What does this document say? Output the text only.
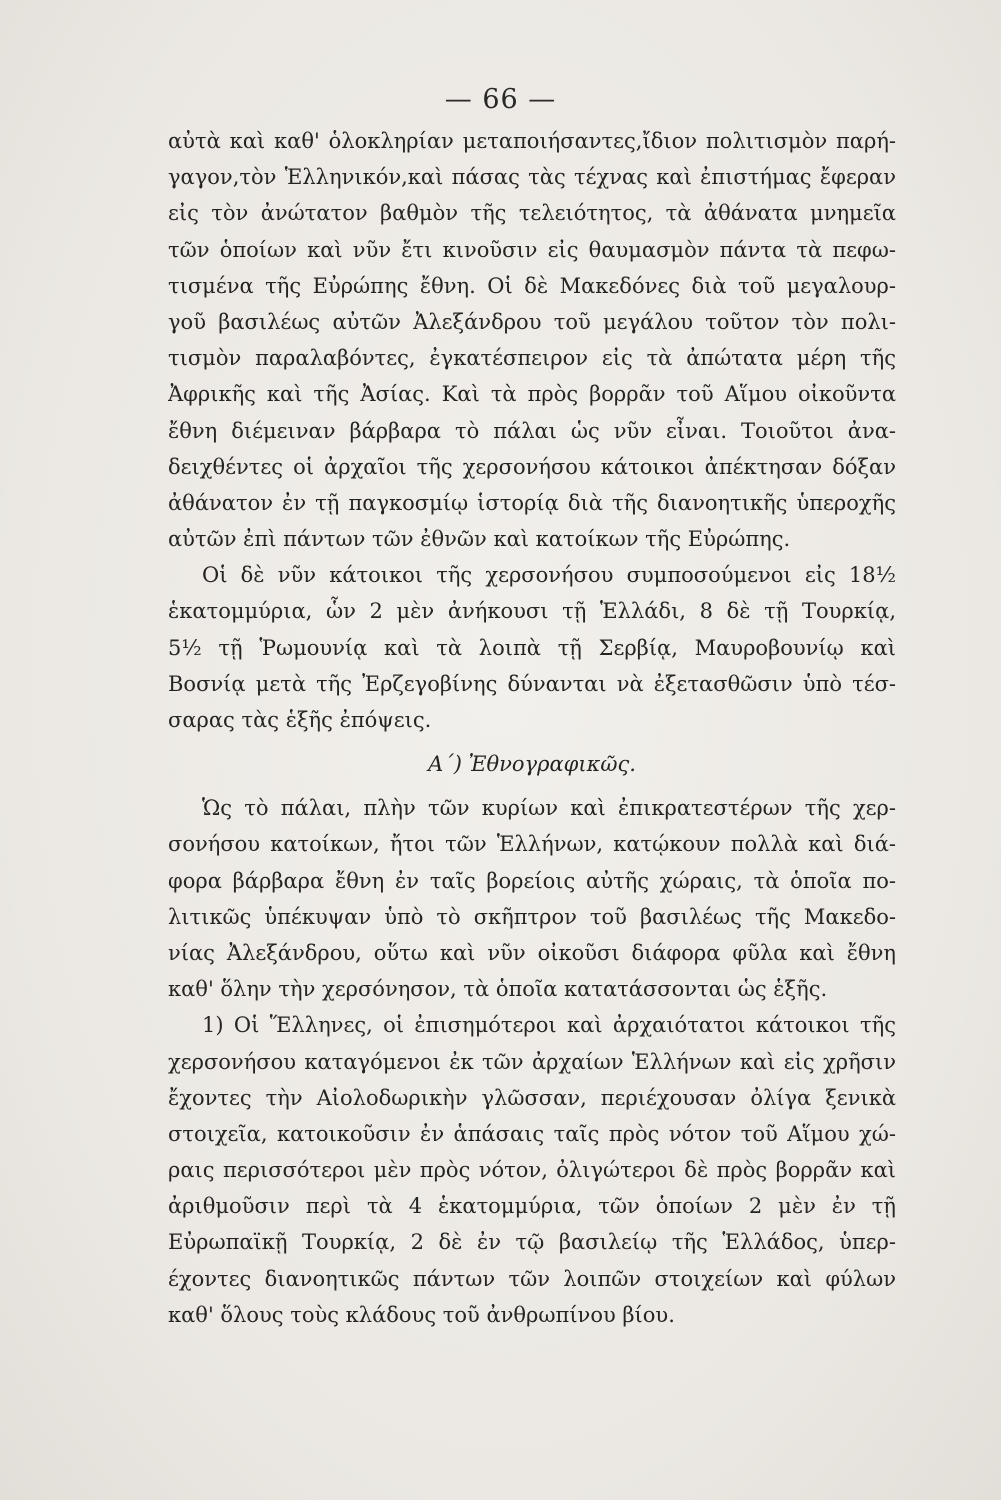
— 66 —
αὐτὰ καὶ καθ' ὁλοκληρίαν μεταποιήσαντες,ἴδιον πολιτισμὸν παρή-
γαγον,τὸν Ἑλληνικόν,καὶ πάσας τὰς τέχνας καὶ ἐπιστήμας ἔφεραν
εἰς τὸν ἀνώτατον βαθμὸν τῆς τελειότητος, τὰ ἀθάνατα μνημεῖα
τῶν ὁποίων καὶ νῦν ἔτι κινοῦσιν εἰς θαυμασμὸν πάντα τὰ πεφω-
τισμένα τῆς Εὐρώπης ἔθνη. Οἱ δὲ Μακεδόνες διὰ τοῦ μεγαλουρ-
γοῦ βασιλέως αὐτῶν Ἀλεξάνδρου τοῦ μεγάλου τοῦτον τὸν πολι-
τισμὸν παραλαβόντες, ἐγκατέσπειρον εἰς τὰ ἀπώτατα μέρη τῆς
Ἀφρικῆς καὶ τῆς Ἀσίας. Καὶ τὰ πρὸς βορρᾶν τοῦ Αἵμου οἰκοῦντα
ἔθνη διέμειναν βάρβαρα τὸ πάλαι ὡς νῦν εἶναι. Τοιοῦτοι ἀνα-
δειχθέντες οἱ ἀρχαῖοι τῆς χερσονήσου κάτοικοι ἀπέκτησαν δόξαν
ἀθάνατον ἐν τῇ παγκοσμίῳ ἱστορίᾳ διὰ τῆς διανοητικῆς ὑπεροχῆς
αὐτῶν ἐπὶ πάντων τῶν ἐθνῶν καὶ κατοίκων τῆς Εὐρώπης.
Οἱ δὲ νῦν κάτοικοι τῆς χερσονήσου συμποσούμενοι εἰς 18½
ἑκατομμύρια, ὧν 2 μὲν ἀνήκουσι τῇ Ἑλλάδι, 8 δὲ τῇ Τουρκίᾳ,
5½ τῇ Ῥωμουνίᾳ καὶ τὰ λοιπὰ τῇ Σερβίᾳ, Μαυροβουνίῳ καὶ
Βοσνίᾳ μετὰ τῆς Ἐρζεγοβίνης δύνανται νὰ ἐξετασθῶσιν ὑπὸ τέσ-
σαρας τὰς ἑξῆς ἐπόψεις.
Α΄) Ἐθνογραφικῶς.
Ὡς τὸ πάλαι, πλὴν τῶν κυρίων καὶ ἐπικρατεστέρων τῆς χερ-
σονήσου κατοίκων, ἤτοι τῶν Ἑλλήνων, κατῴκουν πολλὰ καὶ διά-
φορα βάρβαρα ἔθνη ἐν ταῖς βορείοις αὐτῆς χώραις, τὰ ὁποῖα πο-
λιτικῶς ὑπέκυψαν ὑπὸ τὸ σκῆπτρον τοῦ βασιλέως τῆς Μακεδο-
νίας Ἀλεξάνδρου, οὕτω καὶ νῦν οἰκοῦσι διάφορα φῦλα καὶ ἔθνη
καθ' ὅλην τὴν χερσόνησον, τὰ ὁποῖα κατατάσσονται ὡς ἑξῆς.
1) Οἱ Ἕλληνες, οἱ ἐπισημότεροι καὶ ἀρχαιότατοι κάτοικοι τῆς
χερσονήσου καταγόμενοι ἐκ τῶν ἀρχαίων Ἑλλήνων καὶ εἰς χρῆσιν
ἔχοντες τὴν Αἰολοδωρικὴν γλῶσσαν, περιέχουσαν ὀλίγα ξενικὰ
στοιχεῖα, κατοικοῦσιν ἐν ἁπάσαις ταῖς πρὸς νότον τοῦ Αἵμου χώ-
ραις περισσότεροι μὲν πρὸς νότον, ὀλιγώτεροι δὲ πρὸς βορρᾶν καὶ
ἀριθμοῦσιν περὶ τὰ 4 ἑκατομμύρια, τῶν ὁποίων 2 μὲν ἐν τῇ
Εὐρωπαϊκῇ Τουρκίᾳ, 2 δὲ ἐν τῷ βασιλείῳ τῆς Ἑλλάδος, ὑπερ-
έχοντες διανοητικῶς πάντων τῶν λοιπῶν στοιχείων καὶ φύλων
καθ' ὅλους τοὺς κλάδους τοῦ ἀνθρωπίνου βίου.
